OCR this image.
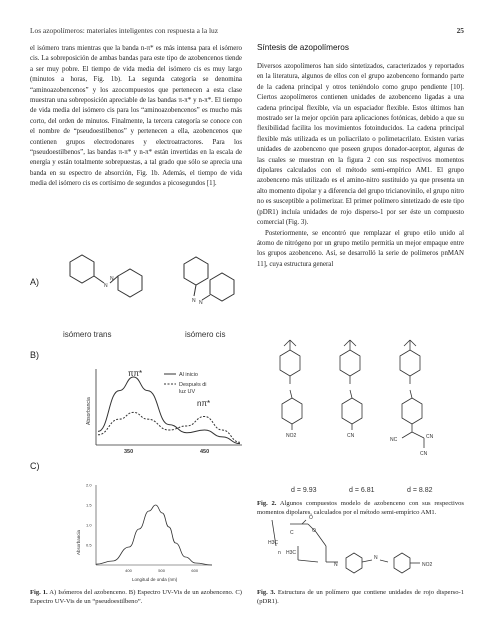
Los azopolímeros: materiales inteligentes con respuesta a la luz	25

el isómero trans mientras que la banda n-π* es más intensa para el isómero cis. La sobreposición de ambas bandas para este tipo de azobencenos tiende a ser muy pobre. El tiempo de vida media del isómero cis es muy largo (minutos a horas, Fig. 1b). La segunda categoría se denomina “aminoazobencenos” y los azocompuestos que pertenecen a esta clase muestran una sobreposición apreciable de las bandas π-π* y n-π*. El tiempo de vida media del isómero cis para los “aminoazobencenos” es mucho más corto, del orden de minutos. Finalmente, la tercera categoría se conoce con el nombre de “pseudoestilbenos” y pertenecen a ella, azobencenos que contienen grupos electrodonares y electroatractores. Para los “pseudoestilbenos”, las bandas π-π* y n-π* están invertidas en la escala de energía y están totalmente sobrepuestas, a tal grado que sólo se aprecia una banda en su espectro de absorción, Fig. 1b. Además, el tiempo de vida media del isómero cis es cortísimo de segundos a picosegundos [1].

Síntesis de azopolímeros

Diversos azopolímeros han sido sintetizados, caracterizados y reportados en la literatura, algunos de ellos con el grupo azobenceno formando parte de la cadena principal y otros teniéndolo como grupo pendiente [10]. Ciertos azopolímeros contienen unidades de azobenceno ligadas a una cadena principal flexible, vía un espaciador flexible. Estos últimos han mostrado ser la mejor opción para aplicaciones fotónicas, debido a que su flexibilidad facilita los movimientos fotoinducidos. La cadena principal flexible más utilizada es un poliacrilato o polimetacrilato. Existen varias unidades de azobenceno que poseen grupos donador-aceptor, algunas de las cuales se muestran en la figura 2 con sus respectivos momentos dipolares calculados con el método semi-empírico AM1. El grupo azobenceno más utilizado es el amino-nitro sustituido ya que presenta un alto momento dipolar y a diferencia del grupo tricianovinilo, el grupo nitro no es susceptible a polimerizar. El primer polímero sintetizado de este tipo (pDR1) incluía unidades de rojo disperso-1 por ser éste un compuesto comercial (Fig. 3).

Posteriormente, se encontró que remplazar el grupo etilo unido al átomo de nitrógeno por un grupo metilo permitía un mejor empaque entre los grupos azobenceno. Así, se desarrolló la serie de polímeros pnMAN 11], cuya estructura general

A)	N
N
N N
isómero trans	isómero cis
B)
Absorbancia
ππ*
nπ*
Al inicio
Después di
luz UV
350	450
C)
Absorbancia
400	500	600
0.5
1.0
1.5
2.0
Longitud de onda (nm)
Fig. 1. A) Isómeros del azobenceno. B) Espectro UV-Vis de un azobenceno. C) Espectro UV-Vis de un “pseudoestilbeno”.
NO2	CN
NC	CN
CN
d = 9.93	d = 6.81	d = 8.82
Fig. 2. Algunos compuestos modelo de azobenceno con sus respectivos momentos dipolares, calculados por el método semi-empírico AM1.
H3C
C
O
O
H3C
n
N
N
NO2
Fig. 3. Estructura de un polímero que contiene unidades de rojo disperso-1 (pDR1).
